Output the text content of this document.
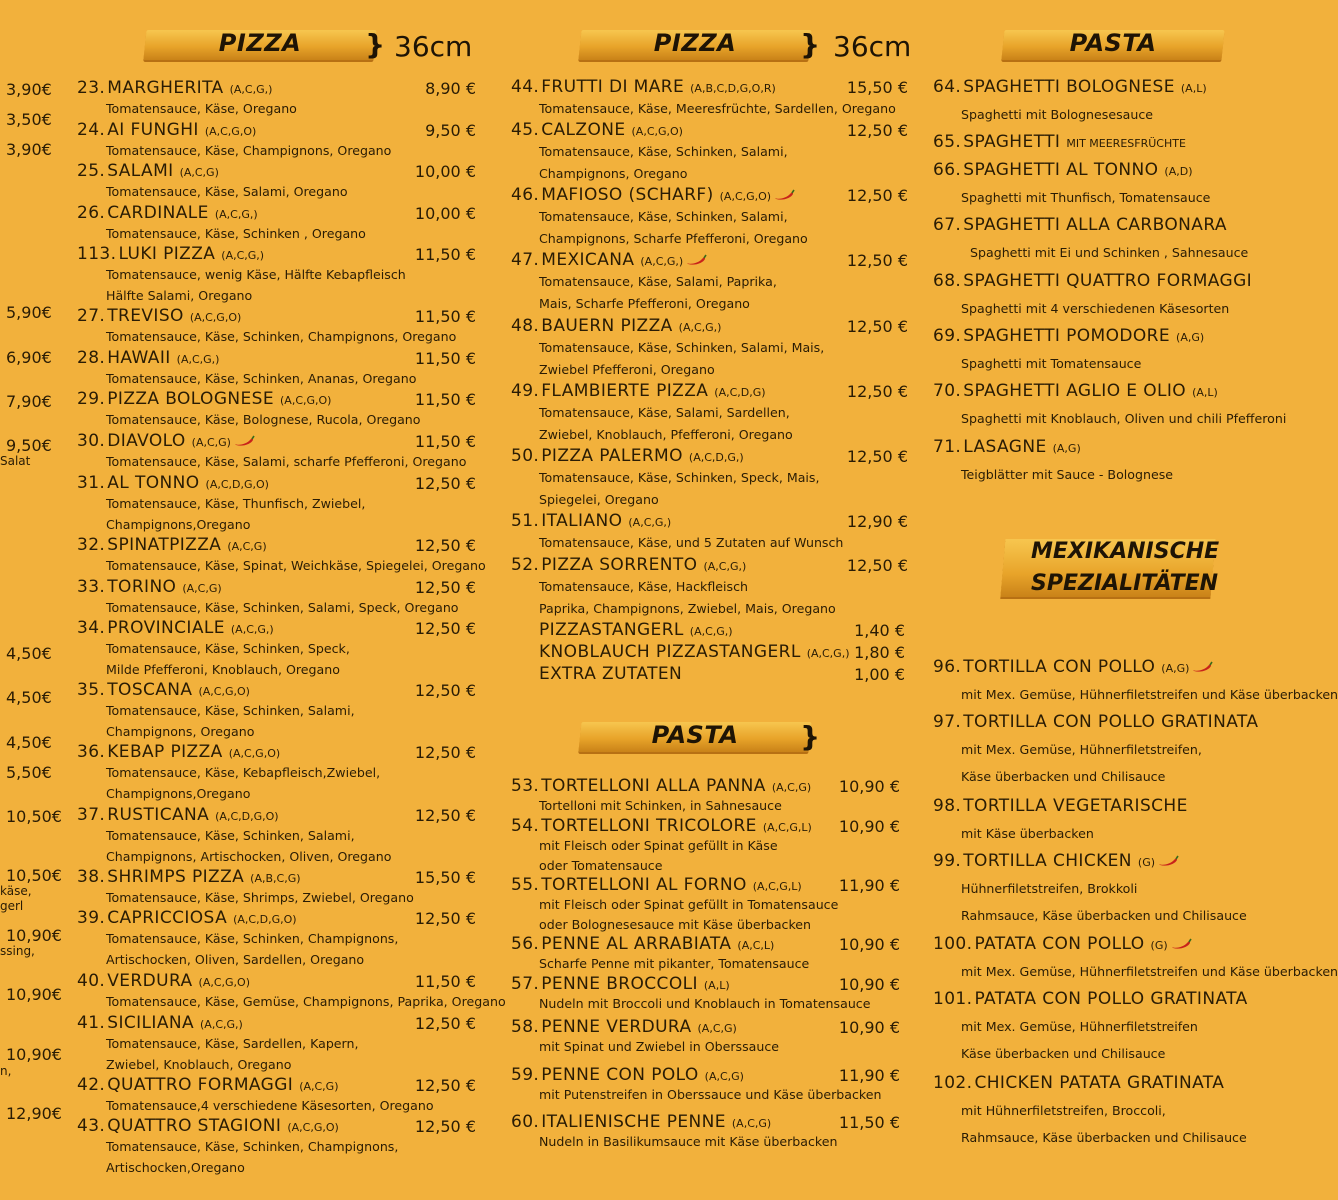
PIZZA	} 36cm	PIZZA	} 36cm	PASTA
PASTA	}
MEXIKANISCHE
SPEZIALITÄTEN
3,90€
3,50€
3,90€
5,90€
6,90€
7,90€
9,50€
4,50€
4,50€
4,50€
5,50€
10,50€
10,50€
10,90€
10,90€
10,90€
12,90€
Salat
käse,
gerl
ssing,
n,
23. MARGHERITA (A,C,G,)	8,90 €
Tomatensauce, Käse, Oregano
24. AI FUNGHI (A,C,G,O)	9,50 €
Tomatensauce, Käse, Champignons, Oregano
25. SALAMI (A,C,G)	10,00 €
Tomatensauce, Käse, Salami, Oregano
26. CARDINALE (A,C,G,)	10,00 €
Tomatensauce, Käse, Schinken , Oregano
113. LUKI PIZZA (A,C,G,)	11,50 €
Tomatensauce, wenig Käse, Hälfte Kebapfleisch
Hälfte Salami, Oregano
27. TREVISO (A,C,G,O)	11,50 €
Tomatensauce, Käse, Schinken, Champignons, Oregano
28. HAWAII (A,C,G,)	11,50 €
Tomatensauce, Käse, Schinken, Ananas, Oregano
29. PIZZA BOLOGNESE (A,C,G,O)	11,50 €
Tomatensauce, Käse, Bolognese, Rucola, Oregano
30. DIAVOLO (A,C,G)	11,50 €
Tomatensauce, Käse, Salami, scharfe Pfefferoni, Oregano
31. AL TONNO (A,C,D,G,O)	12,50 €
Tomatensauce, Käse, Thunfisch, Zwiebel,
Champignons,Oregano
32. SPINATPIZZA (A,C,G)	12,50 €
Tomatensauce, Käse, Spinat, Weichkäse, Spiegelei, Oregano
33. TORINO (A,C,G)	12,50 €
Tomatensauce, Käse, Schinken, Salami, Speck, Oregano
34. PROVINCIALE (A,C,G,)	12,50 €
Tomatensauce, Käse, Schinken, Speck,
Milde Pfefferoni, Knoblauch, Oregano
35. TOSCANA (A,C,G,O)	12,50 €
Tomatensauce, Käse, Schinken, Salami,
Champignons, Oregano
36. KEBAP PIZZA (A,C,G,O)	12,50 €
Tomatensauce, Käse, Kebapfleisch,Zwiebel,
Champignons,Oregano
37. RUSTICANA (A,C,D,G,O)	12,50 €
Tomatensauce, Käse, Schinken, Salami,
Champignons, Artischocken, Oliven, Oregano
38. SHRIMPS PIZZA (A,B,C,G)	15,50 €
Tomatensauce, Käse, Shrimps, Zwiebel, Oregano
39. CAPRICCIOSA (A,C,D,G,O)	12,50 €
Tomatensauce, Käse, Schinken, Champignons,
Artischocken, Oliven, Sardellen, Oregano
40. VERDURA (A,C,G,O)	11,50 €
Tomatensauce, Käse, Gemüse, Champignons, Paprika, Oregano
41. SICILIANA (A,C,G,)	12,50 €
Tomatensauce, Käse, Sardellen, Kapern,
Zwiebel, Knoblauch, Oregano
42. QUATTRO FORMAGGI (A,C,G)	12,50 €
Tomatensauce,4 verschiedene Käsesorten, Oregano
43. QUATTRO STAGIONI (A,C,G,O)	12,50 €
Tomatensauce, Käse, Schinken, Champignons,
Artischocken,Oregano
44. FRUTTI DI MARE (A,B,C,D,G,O,R)	15,50 €
Tomatensauce, Käse, Meeresfrüchte, Sardellen, Oregano
45. CALZONE (A,C,G,O)	12,50 €
Tomatensauce, Käse, Schinken, Salami,
Champignons, Oregano
46. MAFIOSO (SCHARF) (A,C,G,O)	12,50 €
Tomatensauce, Käse, Schinken, Salami,
Champignons, Scharfe Pfefferoni, Oregano
47. MEXICANA (A,C,G,)	12,50 €
Tomatensauce, Käse, Salami, Paprika,
Mais, Scharfe Pfefferoni, Oregano
48. BAUERN PIZZA (A,C,G,)	12,50 €
Tomatensauce, Käse, Schinken, Salami, Mais,
Zwiebel Pfefferoni, Oregano
49. FLAMBIERTE PIZZA (A,C,D,G)	12,50 €
Tomatensauce, Käse, Salami, Sardellen,
Zwiebel, Knoblauch, Pfefferoni, Oregano
50. PIZZA PALERMO (A,C,D,G,)	12,50 €
Tomatensauce, Käse, Schinken, Speck, Mais,
Spiegelei, Oregano
51. ITALIANO (A,C,G,)	12,90 €
Tomatensauce, Käse, und 5 Zutaten auf Wunsch
52. PIZZA SORRENTO (A,C,G,)	12,50 €
Tomatensauce, Käse, Hackfleisch
Paprika, Champignons, Zwiebel, Mais, Oregano
PIZZASTANGERL (A,C,G,)	1,40 €
KNOBLAUCH PIZZASTANGERL (A,C,G,) 1,80 €
EXTRA ZUTATEN	1,00 €
53. TORTELLONI ALLA PANNA (A,C,G)	10,90 €
Tortelloni mit Schinken, in Sahnesauce
54. TORTELLONI TRICOLORE (A,C,G,L)	10,90 €
mit Fleisch oder Spinat gefüllt in Käse
oder Tomatensauce
55. TORTELLONI AL FORNO (A,C,G,L)	11,90 €
mit Fleisch oder Spinat gefüllt in Tomatensauce
oder Bolognesesauce mit Käse überbacken
56. PENNE AL ARRABIATA (A,C,L)	10,90 €
Scharfe Penne mit pikanter, Tomatensauce
57. PENNE BROCCOLI (A,L)	10,90 €
Nudeln mit Broccoli und Knoblauch in Tomatensauce
58. PENNE VERDURA (A,C,G)	10,90 €
mit Spinat und Zwiebel in Oberssauce
59. PENNE CON POLO (A,C,G)	11,90 €
mit Putenstreifen in Oberssauce und Käse überbacken
60. ITALIENISCHE PENNE (A,C,G)	11,50 €
Nudeln in Basilikumsauce mit Käse überbacken
64. SPAGHETTI BOLOGNESE (A,L)
Spaghetti mit Bolognesesauce
65. SPAGHETTI MIT MEERESFRÜCHTE
66. SPAGHETTI AL TONNO (A,D)
Spaghetti mit Thunfisch, Tomatensauce
67. SPAGHETTI ALLA CARBONARA
Spaghetti mit Ei und Schinken , Sahnesauce
68. SPAGHETTI QUATTRO FORMAGGI
Spaghetti mit 4 verschiedenen Käsesorten
69. SPAGHETTI POMODORE (A,G)
Spaghetti mit Tomatensauce
70. SPAGHETTI AGLIO E OLIO (A,L)
Spaghetti mit Knoblauch, Oliven und chili Pfefferoni
71. LASAGNE (A,G)
Teigblätter mit Sauce - Bolognese
96. TORTILLA CON POLLO (A,G)
mit Mex. Gemüse, Hühnerfiletstreifen und Käse überbacken
97. TORTILLA CON POLLO GRATINATA
mit Mex. Gemüse, Hühnerfiletstreifen,
Käse überbacken und Chilisauce
98. TORTILLA VEGETARISCHE
mit Käse überbacken
99. TORTILLA CHICKEN (G)
Hühnerfiletstreifen, Brokkoli
Rahmsauce, Käse überbacken und Chilisauce
100. PATATA CON POLLO (G)
mit Mex. Gemüse, Hühnerfiletstreifen und Käse überbacken
101. PATATA CON POLLO GRATINATA
mit Mex. Gemüse, Hühnerfiletstreifen
Käse überbacken und Chilisauce
102. CHICKEN PATATA GRATINATA
mit Hühnerfiletstreifen, Broccoli,
Rahmsauce, Käse überbacken und Chilisauce
